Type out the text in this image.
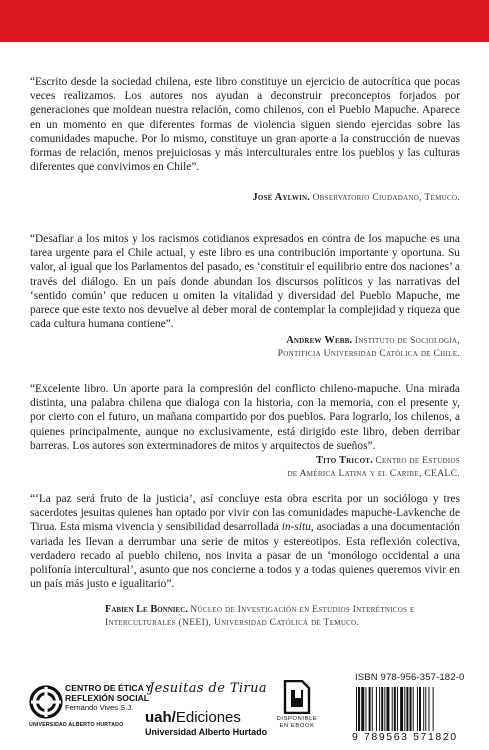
“Escrito desde la sociedad chilena, este libro constituye un ejercicio de autocrítica que pocas veces realizamos. Los autores nos ayudan a deconstruir preconceptos forjados por generaciones que moldean nuestra relación, como chilenos, con el Pueblo Mapuche. Aparece en un momento en que diferentes formas de violencia siguen siendo ejercidas sobre las comunidades mapuche. Por lo mismo, constituye un gran aporte a la construcción de nuevas formas de relación, menos prejuiciosas y más interculturales entre los pueblos y las culturas diferentes que convivimos en Chile”.

José Aylwin. Observatorio Ciudadano, Temuco.

“Desafiar a los mitos y los racismos cotidianos expresados en contra de los mapuche es una tarea urgente para el Chile actual, y este libro es una contribución importante y oportuna. Su valor, al igual que los Parlamentos del pasado, es ‘constituir el equilibrio entre dos naciones’ a través del diálogo. En un país donde abundan los discursos políticos y las narrativas del ‘sentido común’ que reducen u omiten la vitalidad y diversidad del Pueblo Mapuche, me parece que este texto nos devuelve al deber moral de contemplar la complejidad y riqueza que cada cultura humana contiene”.

Andrew Webb. Instituto de Sociología,
Pontificia Universidad Católica de Chile.

“Excelente libro. Un aporte para la compresión del conflicto chileno-mapuche. Una mirada distinta, una palabra chilena que dialoga con la historia, con la memoria, con el presente y, por cierto con el futuro, un mañana compartido por dos pueblos. Para lograrlo, los chilenos, a quienes principalmente, aunque no exclusivamente, está dirigido este libro, deben derribar barreras. Los autores son exterminadores de mitos y arquitectos de sueños”.

Tito Tricot. Centro de Estudios
de América Latina y el Caribe, CEALC.

“‘La paz será fruto de la justicia’, así concluye esta obra escrita por un sociólogo y tres sacerdotes jesuitas quienes han optado por vivir con las comunidades mapuche-Lavkenche de Tirua. Esta misma vivencia y sensibilidad desarrollada in-situ, asociadas a una documentación variada les llevan a derrumbar una serie de mitos y estereotipos. Esta reflexión colectiva, verdadero recado al pueblo chileno, nos invita a pasar de un ‘monólogo occidental a una polifonía intercultural’, asunto que nos concierne a todos y a todas quienes queremos vivir en un país más justo e igualitario”.

Fabien Le Bonniec. Núcleo de Investigación en Estudios Interétnicos e
Interculturales (NEEI), Universidad Católica de Temuco.
CENTRO DE ÉTICA Y
REFLEXIÓN SOCIAL
Fernando Vives S.J.
UNIVERSIDAD ALBERTO HURTADO
Jesuitas de Tirua
uah/Ediciones
Universidad Alberto Hurtado
DISPONIBLE
EN EBOOK
ISBN 978-956-357-182-0
9 789563 571820
